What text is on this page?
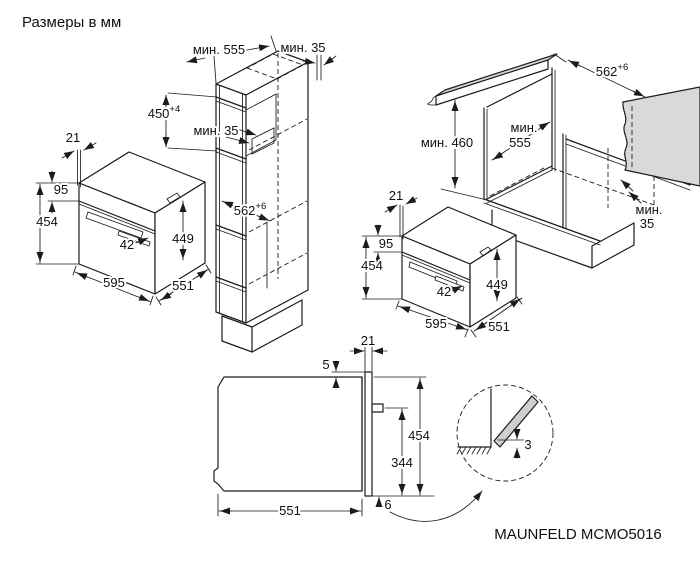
Размеры в мм
мин. 555	мин. 35
$450^{+4}$
мин. 35
$562^{+6}$
21
95
454
42	449
595	551
$562^{+6}$
мин. 460
мин.
555
мин.
35
21
95
454
42	449
595	551
5
21
454
344
551	6
3
MAUNFELD MCMO5016
